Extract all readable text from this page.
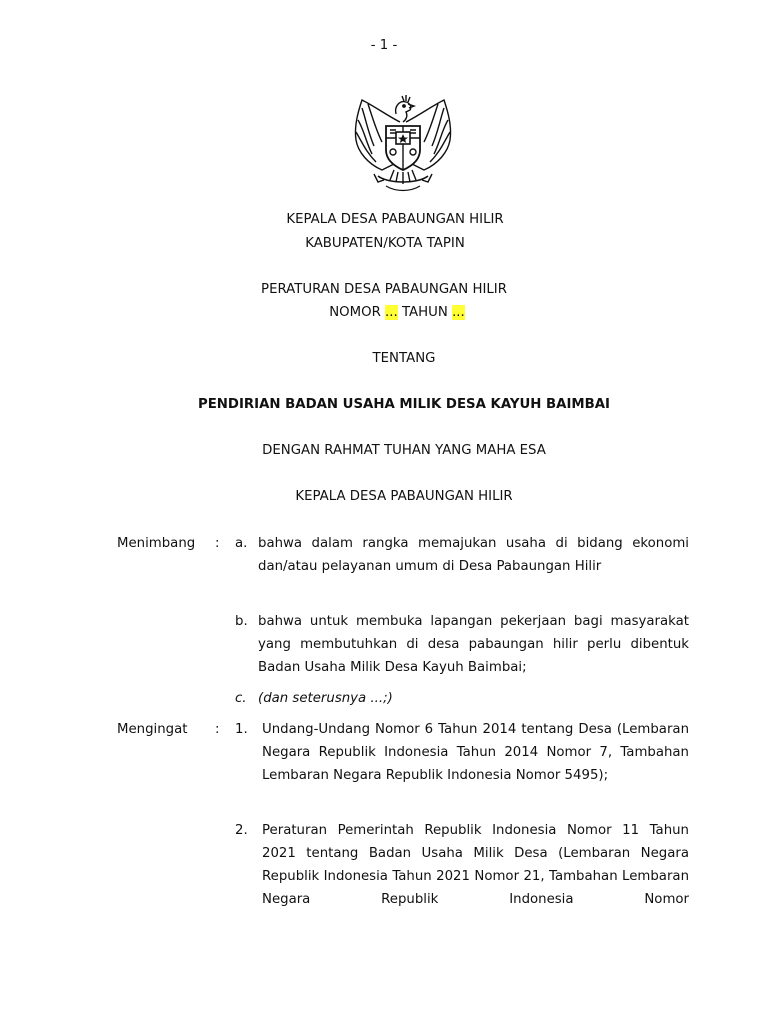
- 1 -
KEPALA DESA PABAUNGAN HILIR
KABUPATEN/KOTA TAPIN
PERATURAN DESA PABAUNGAN HILIR
NOMOR ... TAHUN ...
TENTANG
PENDIRIAN BADAN USAHA MILIK DESA KAYUH BAIMBAI
DENGAN RAHMAT TUHAN YANG MAHA ESA
KEPALA DESA PABAUNGAN HILIR
Menimbang : a. bahwa dalam rangka memajukan usaha di bidang ekonomi dan/atau pelayanan umum di Desa Pabaungan Hilir
b. bahwa untuk membuka lapangan pekerjaan bagi masyarakat yang membutuhkan di desa pabaungan hilir perlu dibentuk Badan Usaha Milik Desa Kayuh Baimbai;
c. (dan seterusnya ...;)
Mengingat	: 1. Undang-Undang Nomor 6 Tahun 2014 tentang Desa (Lembaran Negara Republik Indonesia Tahun 2014 Nomor 7, Tambahan Lembaran Negara Republik Indonesia Nomor 5495);
2. Peraturan Pemerintah Republik Indonesia Nomor 11 Tahun 2021 tentang Badan Usaha Milik Desa (Lembaran Negara Republik Indonesia Tahun 2021 Nomor 21, Tambahan Lembaran Negara Republik Indonesia Nomor
